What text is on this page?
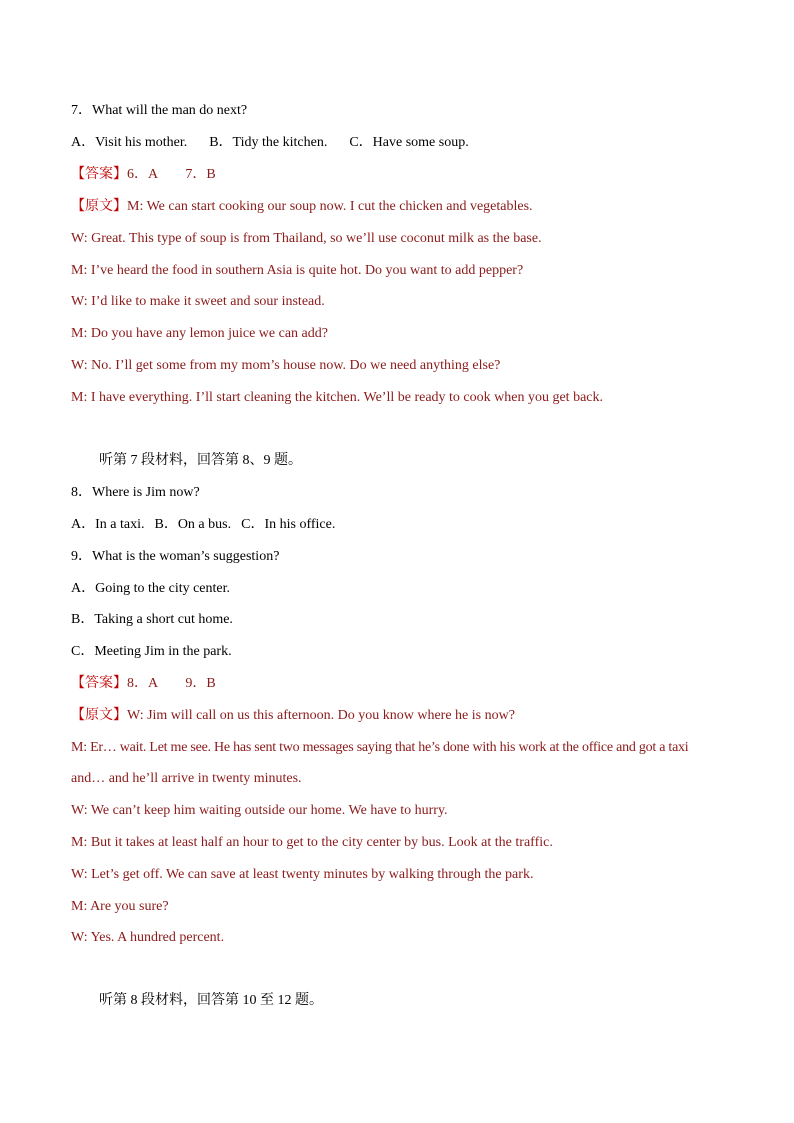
7．What will the man do next?
A．Visit his mother. B．Tidy the kitchen. C．Have some soup.
【答案】6．A        7．B
【原文】M: We can start cooking our soup now. I cut the chicken and vegetables.
W: Great. This type of soup is from Thailand, so we’ll use coconut milk as the base.
M: I’ve heard the food in southern Asia is quite hot. Do you want to add pepper?
W: I’d like to make it sweet and sour instead.
M: Do you have any lemon juice we can add?
W: No. I’ll get some from my mom’s house now. Do we need anything else?
M: I have everything. I’ll start cleaning the kitchen. We’ll be ready to cook when you get back.
听第 7 段材料，回答第 8、9 题。
8．Where is Jim now?
A．In a taxi. B．On a bus. C．In his office.
9．What is the woman’s suggestion?
A．Going to the city center.
B．Taking a short cut home.
C．Meeting Jim in the park.
【答案】8．A        9．B
【原文】W: Jim will call on us this afternoon. Do you know where he is now?
M: Er… wait. Let me see. He has sent two messages saying that he’s done with his work at the office and got a taxi
and… and he’ll arrive in twenty minutes.
W: We can’t keep him waiting outside our home. We have to hurry.
M: But it takes at least half an hour to get to the city center by bus. Look at the traffic.
W: Let’s get off. We can save at least twenty minutes by walking through the park.
M: Are you sure?
W: Yes. A hundred percent.
听第 8 段材料，回答第 10 至 12 题。
